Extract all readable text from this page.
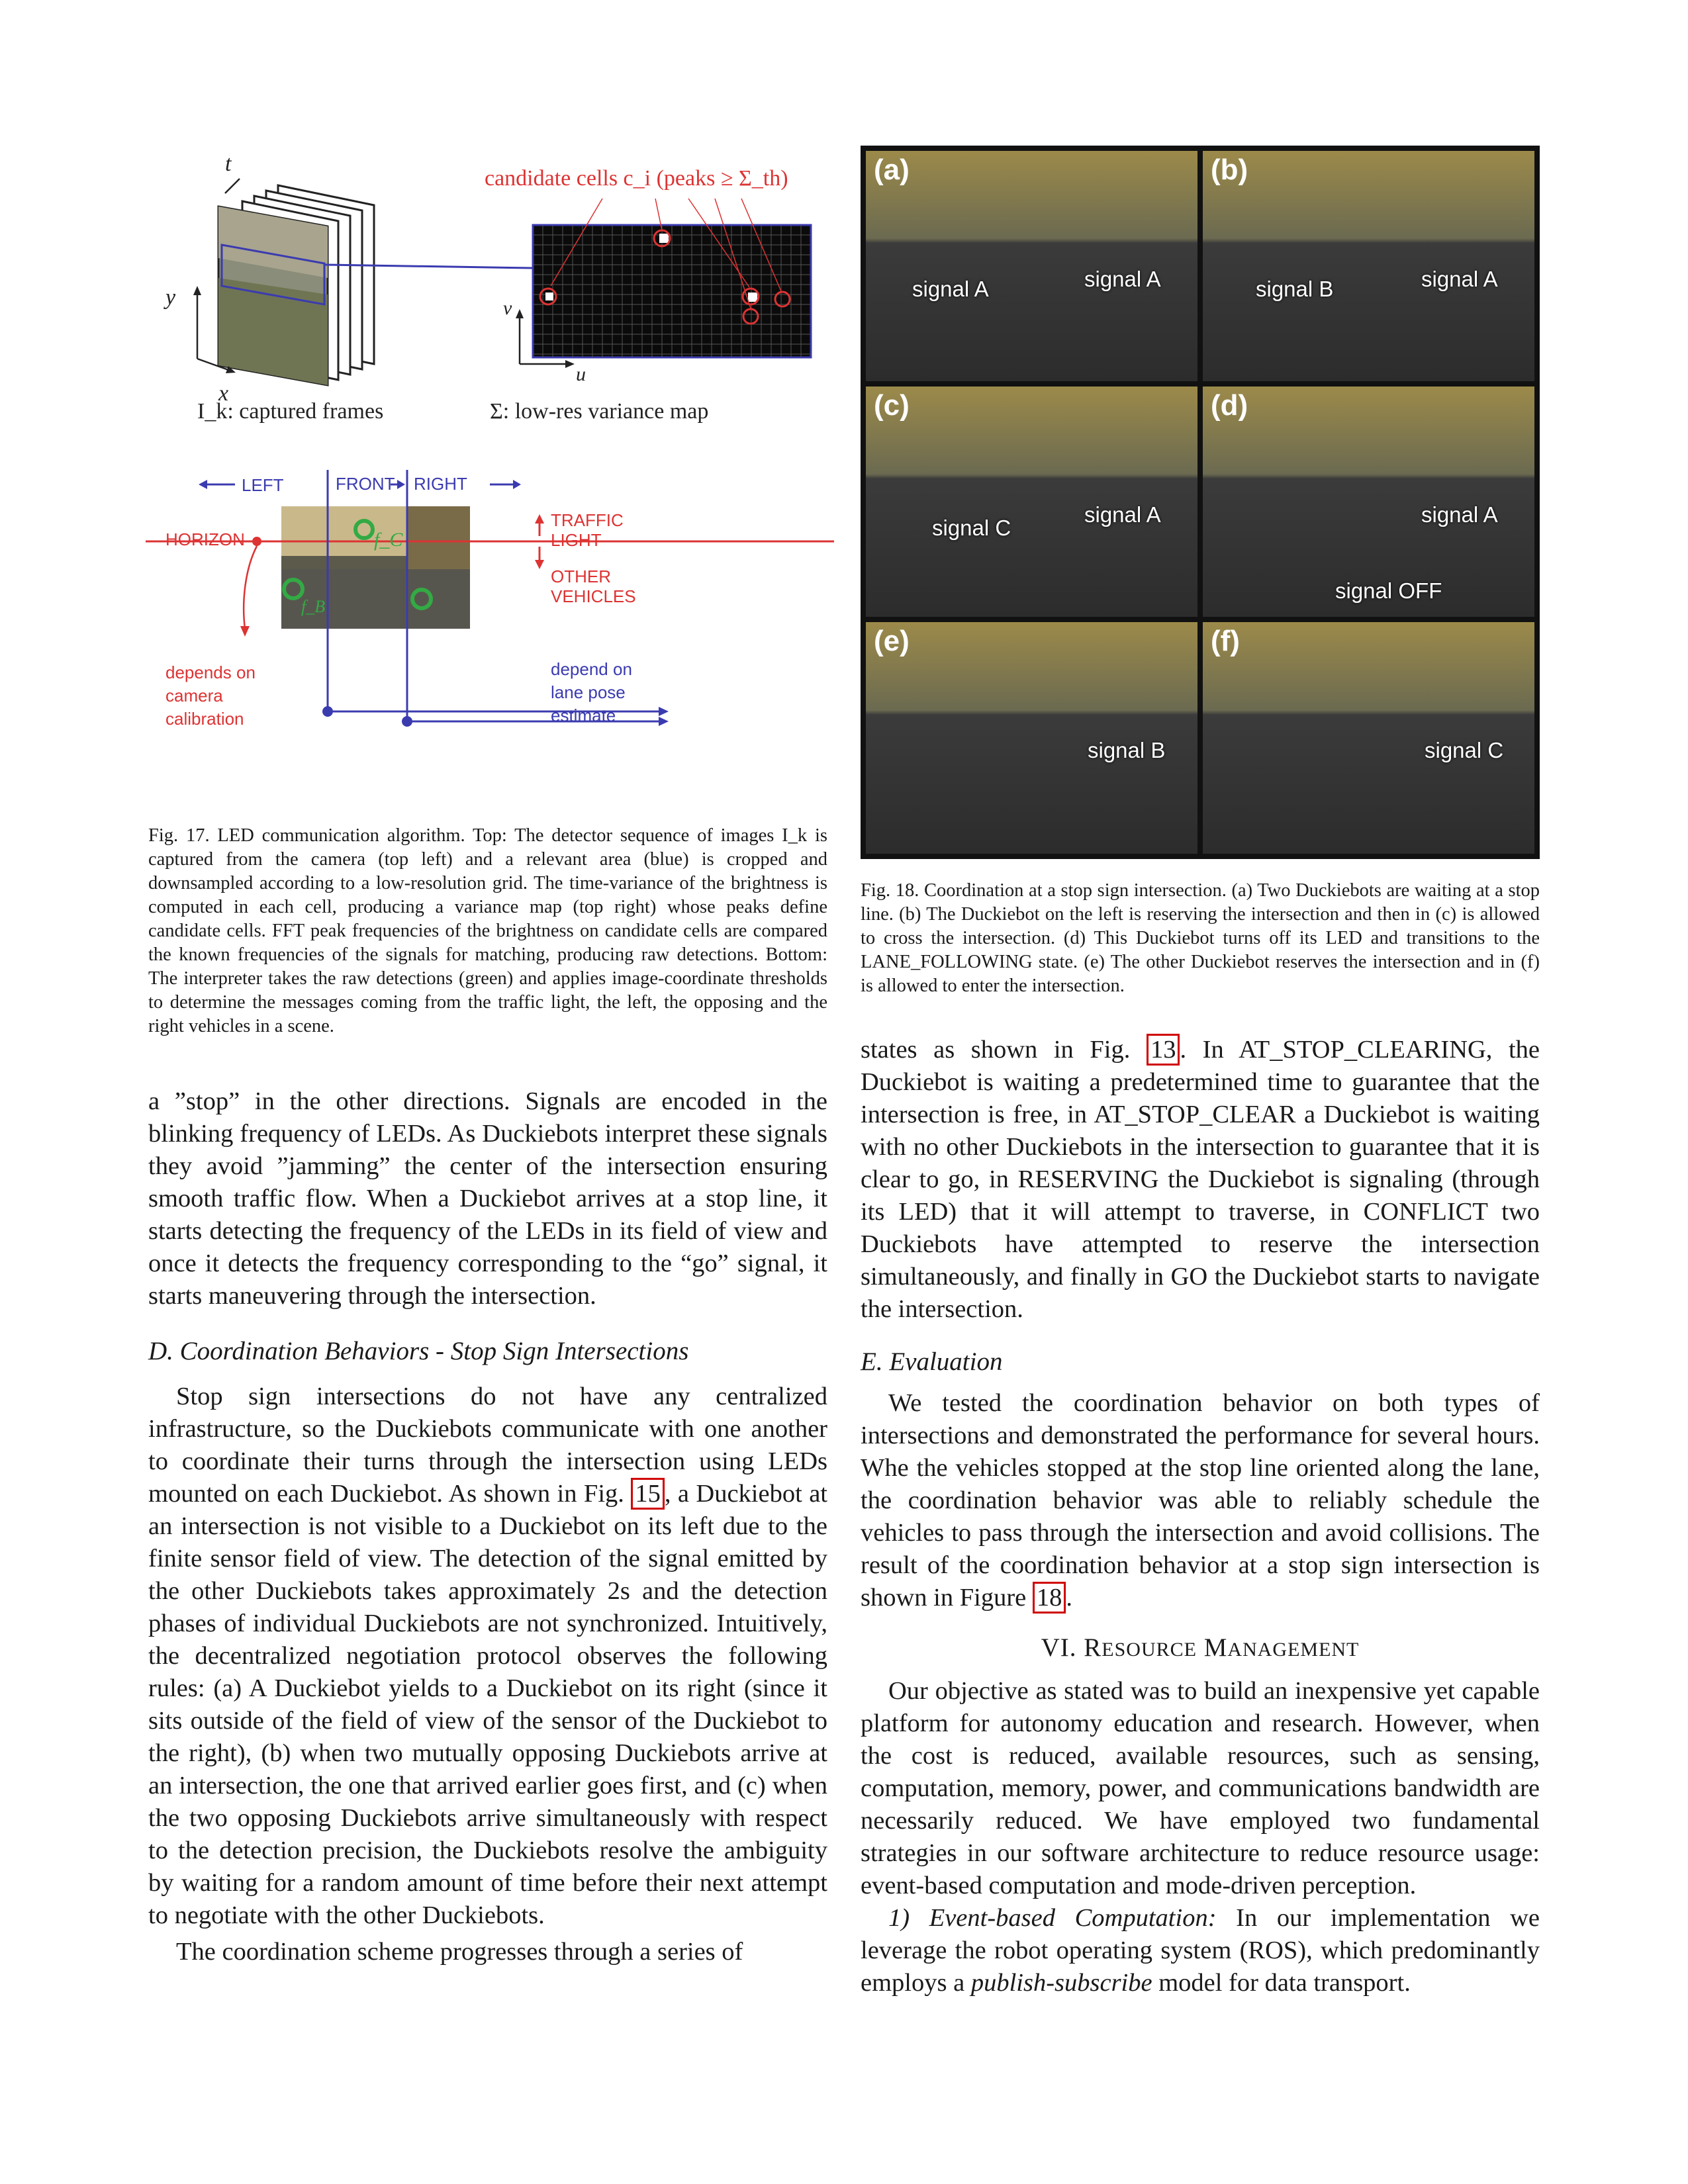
t
y
x
v
u
candidate cells c_i (peaks ≥ Σ_th)
I_k: captured frames	Σ: low-res variance map
LEFT	FRONT RIGHT
HORIZON
TRAFFIC
LIGHT
OTHER
VEHICLES
depends on
camera
calibration
depend on
lane pose
estimate
f_C
f_B

Fig. 17. LED communication algorithm. Top: The detector sequence of images I_k is captured from the camera (top left) and a relevant area (blue) is cropped and downsampled according to a low-resolution grid. The time-variance of the brightness is computed in each cell, producing a variance map (top right) whose peaks define candidate cells. FFT peak frequencies of the brightness on candidate cells are compared the known frequencies of the signals for matching, producing raw detections. Bottom: The interpreter takes the raw detections (green) and applies image-coordinate thresholds to determine the messages coming from the traffic light, the left, the opposing and the right vehicles in a scene.

(a)
signal A	signal A
(b)
signal B	signal A
(c)
signal C
signal A
(d)
signal A
signal OFF
(e)
signal B
(f)
signal C

Fig. 18. Coordination at a stop sign intersection. (a) Two Duckiebots are waiting at a stop line. (b) The Duckiebot on the left is reserving the intersection and then in (c) is allowed to cross the intersection. (d) This Duckiebot turns off its LED and transitions to the LANE_FOLLOWING state. (e) The other Duckiebot reserves the intersection and in (f) is allowed to enter the intersection.

a ”stop” in the other directions. Signals are encoded in the blinking frequency of LEDs. As Duckiebots interpret these signals they avoid ”jamming” the center of the intersection ensuring smooth traffic flow. When a Duckiebot arrives at a stop line, it starts detecting the frequency of the LEDs in its field of view and once it detects the frequency corresponding to the “go” signal, it starts maneuvering through the intersection.

D. Coordination Behaviors - Stop Sign Intersections

Stop sign intersections do not have any centralized infrastructure, so the Duckiebots communicate with one another to coordinate their turns through the intersection using LEDs mounted on each Duckiebot. As shown in Fig. 15 , a Duckiebot at an intersection is not visible to a Duckiebot on its left due to the finite sensor field of view. The detection of the signal emitted by the other Duckiebots takes approximately 2s and the detection phases of individual Duckiebots are not synchronized. Intuitively, the decentralized negotiation protocol observes the following rules: (a) A Duckiebot yields to a Duckiebot on its right (since it sits outside of the field of view of the sensor of the Duckiebot to the right), (b) when two mutually opposing Duckiebots arrive at an intersection, the one that arrived earlier goes first, and (c) when the two opposing Duckiebots arrive simultaneously with respect to the detection precision, the Duckiebots resolve the ambiguity by waiting for a random amount of time before their next attempt to negotiate with the other Duckiebots.

The coordination scheme progresses through a series of

states as shown in Fig. 13 . In AT_STOP_CLEARING, the Duckiebot is waiting a predetermined time to guarantee that the intersection is free, in AT_STOP_CLEAR a Duckiebot is waiting with no other Duckiebots in the intersection to guarantee that it is clear to go, in RESERVING the Duckiebot is signaling (through its LED) that it will attempt to traverse, in CONFLICT two Duckiebots have attempted to reserve the intersection simultaneously, and finally in GO the Duckiebot starts to navigate the intersection.

E. Evaluation

We tested the coordination behavior on both types of intersections and demonstrated the performance for several hours. Whe the vehicles stopped at the stop line oriented along the lane, the coordination behavior was able to reliably schedule the vehicles to pass through the intersection and avoid collisions. The result of the coordination behavior at a stop sign intersection is shown in Figure 18 .

VI. RESOURCE MANAGEMENT

Our objective as stated was to build an inexpensive yet capable platform for autonomy education and research. However, when the cost is reduced, available resources, such as sensing, computation, memory, power, and communications bandwidth are necessarily reduced. We have employed two fundamental strategies in our software architecture to reduce resource usage: event-based computation and mode-driven perception.

1) Event-based Computation: In our implementation we leverage the robot operating system (ROS), which predominantly employs a publish-subscribe model for data transport.
